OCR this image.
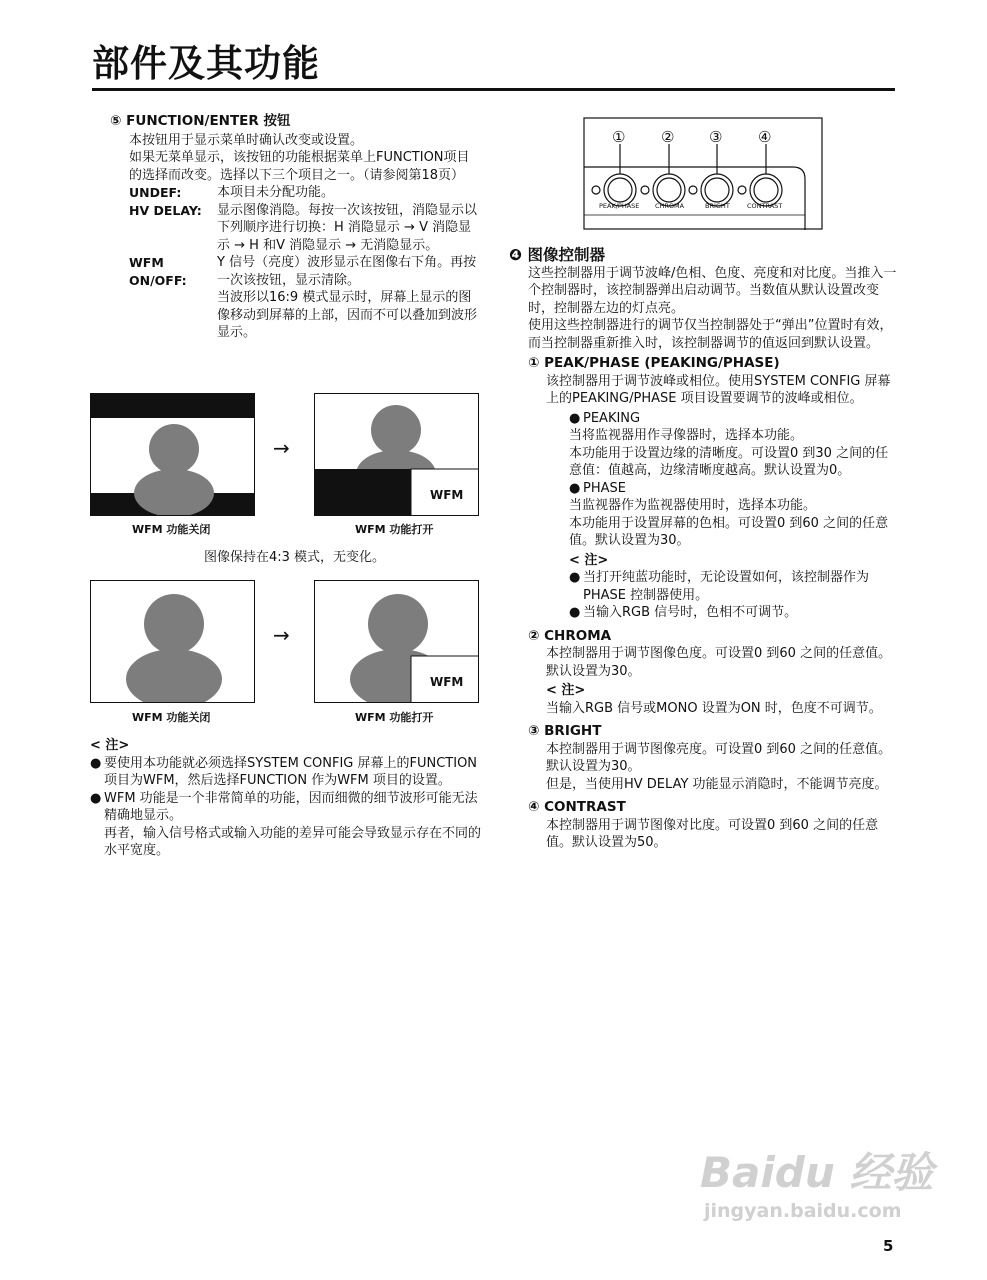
部件及其功能
⑤ FUNCTION/ENTER 按钮
本按钮用于显示菜单时确认改变或设置。
如果无菜单显示，该按钮的功能根据菜单上FUNCTION项目的选择而改变。选择以下三个项目之一。（请参阅第18页）
UNDEF:	本项目未分配功能。
HV DELAY:	显示图像消隐。每按一次该按钮，消隐显示以下列顺序进行切换：H 消隐显示 → V 消隐显示 → H 和V 消隐显示 → 无消隐显示。
WFM ON/OFF:
Y 信号（亮度）波形显示在图像右下角。再按一次该按钮，显示清除。
当波形以16:9 模式显示时，屏幕上显示的图像移动到屏幕的上部，因而不可以叠加到波形显示。
→
WFM
WFM 功能关闭	WFM 功能打开
图像保持在4:3 模式，无变化。
→
WFM
WFM 功能关闭	WFM 功能打开
< 注>
● 要使用本功能就必须选择SYSTEM CONFIG 屏幕上的FUNCTION 项目为WFM，然后选择FUNCTION 作为WFM 项目的设置。
● WFM 功能是一个非常简单的功能，因而细微的细节波形可能无法精确地显示。
再者，输入信号格式或输入功能的差异可能会导致显示存在不同的水平宽度。
① ② ③ ④
PEAK/PHASE CHROMA	BRIGHT	CONTRAST
❹ 图像控制器
这些控制器用于调节波峰/色相、色度、亮度和对比度。当推入一个控制器时，该控制器弹出启动调节。当数值从默认设置改变时，控制器左边的灯点亮。
使用这些控制器进行的调节仅当控制器处于“弹出”位置时有效，而当控制器重新推入时，该控制器调节的值返回到默认设置。
① PEAK/PHASE (PEAKING/PHASE)
该控制器用于调节波峰或相位。使用SYSTEM CONFIG 屏幕上的PEAKING/PHASE 项目设置要调节的波峰或相位。
● PEAKING
当将监视器用作寻像器时，选择本功能。
本功能用于设置边缘的清晰度。可设置0 到30 之间的任意值：值越高，边缘清晰度越高。默认设置为0。
● PHASE
当监视器作为监视器使用时，选择本功能。
本功能用于设置屏幕的色相。可设置0 到60 之间的任意值。默认设置为30。
< 注>
● 当打开纯蓝功能时，无论设置如何，该控制器作为PHASE 控制器使用。
● 当输入RGB 信号时，色相不可调节。
② CHROMA
本控制器用于调节图像色度。可设置0 到60 之间的任意值。默认设置为30。
< 注>
当输入RGB 信号或MONO 设置为ON 时，色度不可调节。
③ BRIGHT
本控制器用于调节图像亮度。可设置0 到60 之间的任意值。默认设置为30。
但是，当使用HV DELAY 功能显示消隐时，不能调节亮度。
④ CONTRAST
本控制器用于调节图像对比度。可设置0 到60 之间的任意值。默认设置为50。
Baidu 经验
jingyan.baidu.com
5
